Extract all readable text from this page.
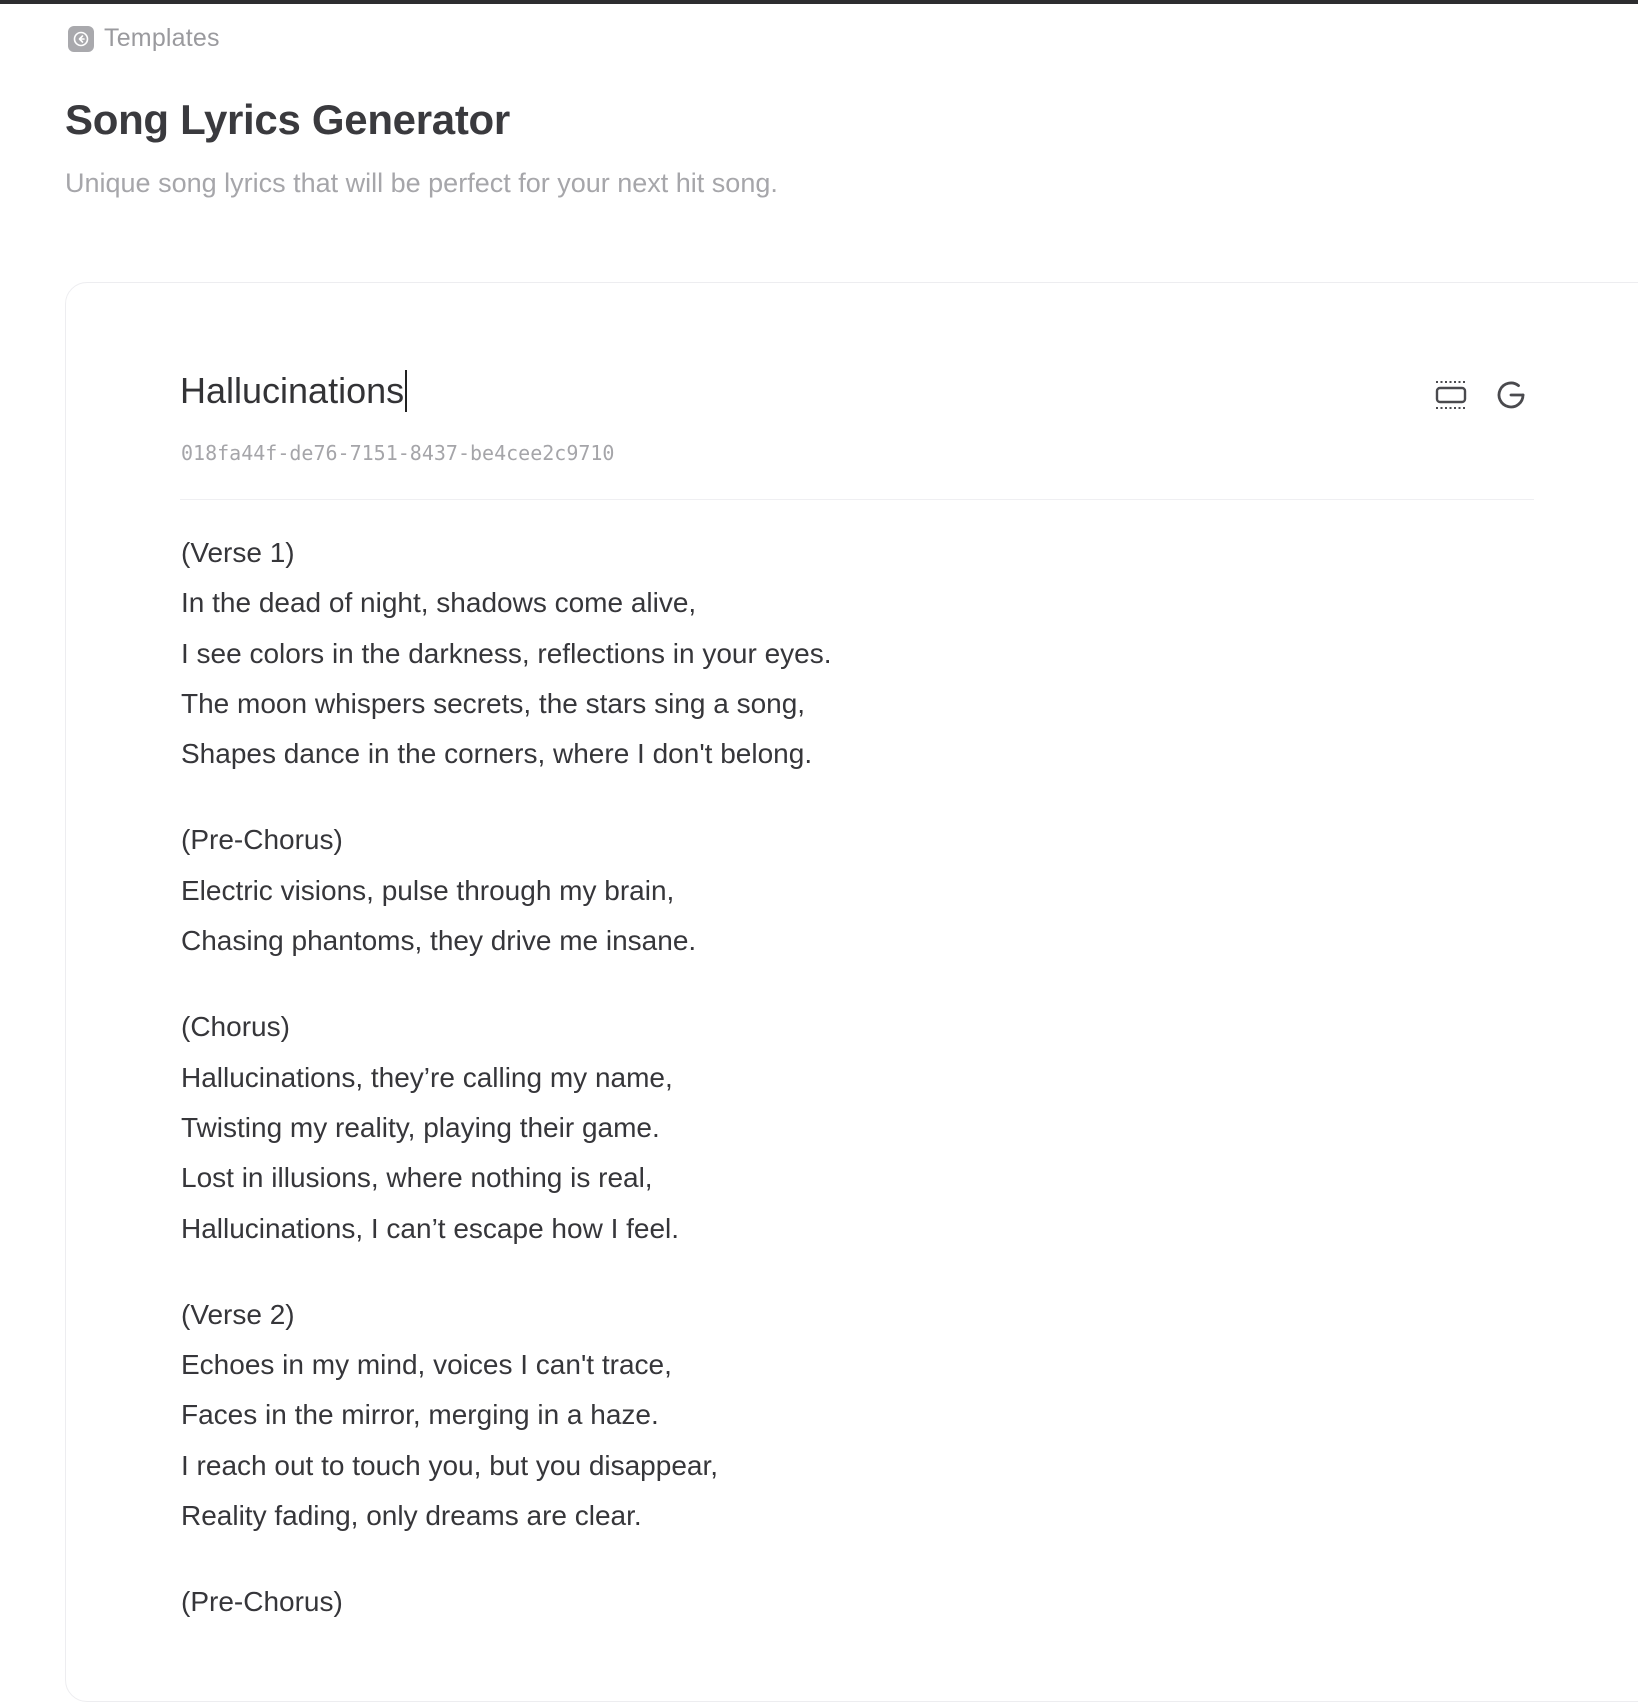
Templates
Song Lyrics Generator

Unique song lyrics that will be perfect for your next hit song.

Hallucinations
018fa44f-de76-7151-8437-be4cee2c9710
(Verse 1)
In the dead of night, shadows come alive,
I see colors in the darkness, reflections in your eyes.
The moon whispers secrets, the stars sing a song,
Shapes dance in the corners, where I don't belong.
(Pre-Chorus)
Electric visions, pulse through my brain,
Chasing phantoms, they drive me insane.
(Chorus)
Hallucinations, they’re calling my name,
Twisting my reality, playing their game.
Lost in illusions, where nothing is real,
Hallucinations, I can’t escape how I feel.
(Verse 2)
Echoes in my mind, voices I can't trace,
Faces in the mirror, merging in a haze.
I reach out to touch you, but you disappear,
Reality fading, only dreams are clear.
(Pre-Chorus)
